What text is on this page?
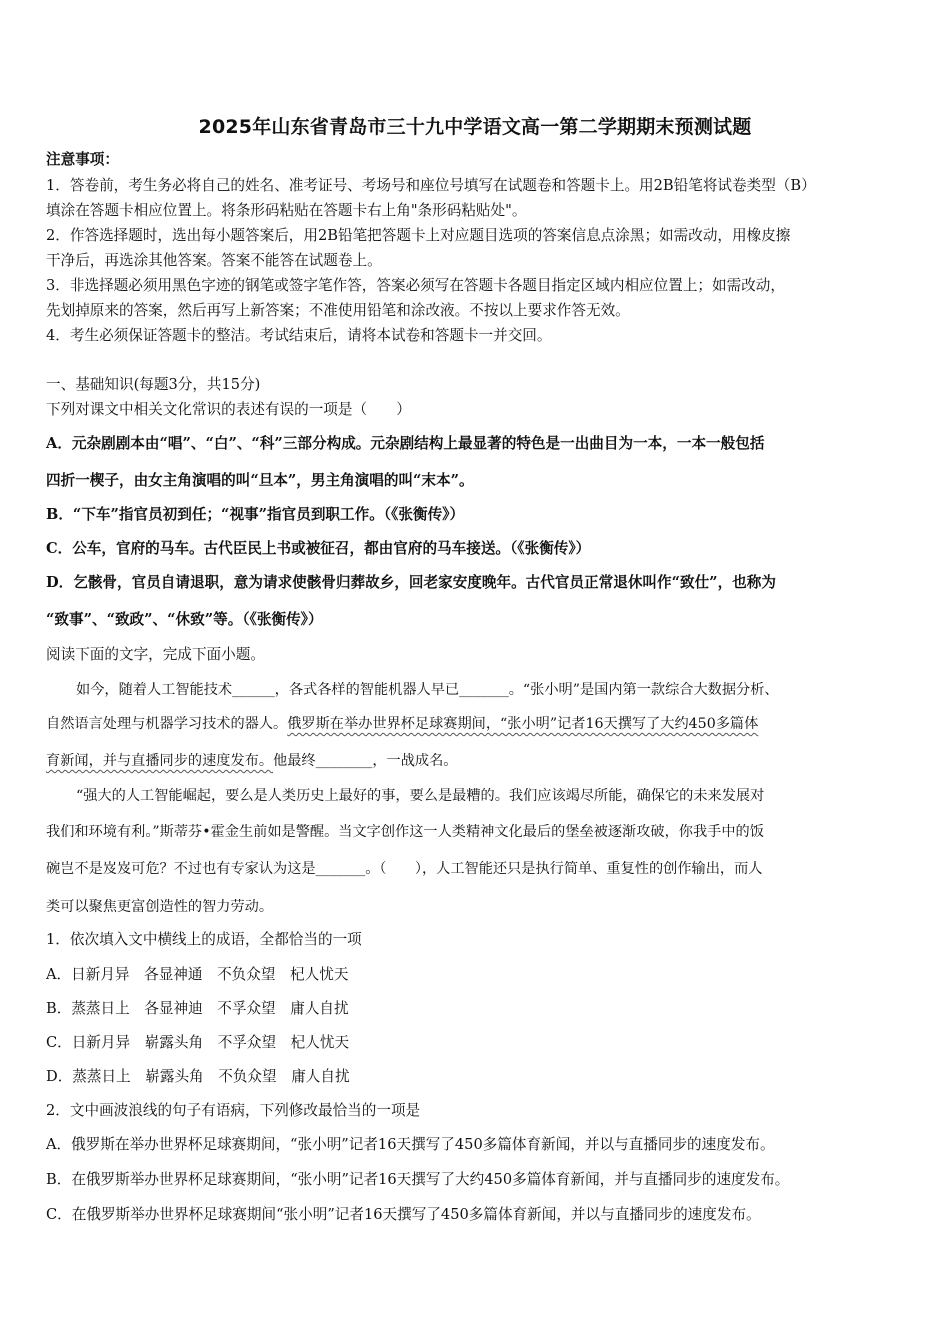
2025年山东省青岛市三十九中学语文高一第二学期期末预测试题
注意事项：
1．答卷前，考生务必将自己的姓名、准考证号、考场号和座位号填写在试题卷和答题卡上。用2B铅笔将试卷类型（B）
填涂在答题卡相应位置上。将条形码粘贴在答题卡右上角"条形码粘贴处"。
2．作答选择题时，选出每小题答案后，用2B铅笔把答题卡上对应题目选项的答案信息点涂黑；如需改动，用橡皮擦
干净后，再选涂其他答案。答案不能答在试题卷上。
3．非选择题必须用黑色字迹的钢笔或签字笔作答，答案必须写在答题卡各题目指定区域内相应位置上；如需改动，
先划掉原来的答案，然后再写上新答案；不准使用铅笔和涂改液。不按以上要求作答无效。
4．考生必须保证答题卡的整洁。考试结束后，请将本试卷和答题卡一并交回。
一、基础知识(每题3分，共15分)
下列对课文中相关文化常识的表述有误的一项是（　　）
A．元杂剧剧本由“唱”、“白”、“科”三部分构成。元杂剧结构上最显著的特色是一出曲目为一本，一本一般包括
四折一楔子，由女主角演唱的叫“旦本”，男主角演唱的叫“末本”。
B．“下车”指官员初到任；“视事”指官员到职工作。（《张衡传》）
C．公车，官府的马车。古代臣民上书或被征召，都由官府的马车接送。（《张衡传》）
D．乞骸骨，官员自请退职，意为请求使骸骨归葬故乡，回老家安度晚年。古代官员正常退休叫作“致仕”，也称为
“致事”、“致政”、“休致”等。（《张衡传》）
阅读下面的文字，完成下面小题。
如今，随着人工智能技术______，各式各样的智能机器人早已_______。“张小明”是国内第一款综合大数据分析、
自然语言处理与机器学习技术的器人。俄罗斯在举办世界杯足球赛期间，“张小明”记者16天撰写了大约450多篇体
育新闻，并与直播同步的速度发布。他最终________，一战成名。
“强大的人工智能崛起，要么是人类历史上最好的事，要么是最糟的。我们应该竭尽所能，确保它的未来发展对
我们和环境有利。”斯蒂芬•霍金生前如是警醒。当文字创作这一人类精神文化最后的堡垒被逐渐攻破，你我手中的饭
碗岂不是岌岌可危？不过也有专家认为这是_______。（　　），人工智能还只是执行简单、重复性的创作输出，而人
类可以聚焦更富创造性的智力劳动。
1．依次填入文中横线上的成语，全都恰当的一项
A．日新月异　各显神通　不负众望　杞人忧天
B．蒸蒸日上　各显神迪　不孚众望　庸人自扰
C．日新月异　崭露头角　不孚众望　杞人忧天
D．蒸蒸日上　崭露头角　不负众望　庸人自扰
2．文中画波浪线的句子有语病，下列修改最恰当的一项是
A．俄罗斯在举办世界杯足球赛期间，“张小明”记者16天撰写了450多篇体育新闻，并以与直播同步的速度发布。
B．在俄罗斯举办世界杯足球赛期间，“张小明”记者16天撰写了大约450多篇体育新闻，并与直播同步的速度发布。
C．在俄罗斯举办世界杯足球赛期间“张小明”记者16天撰写了450多篇体育新闻，并以与直播同步的速度发布。
